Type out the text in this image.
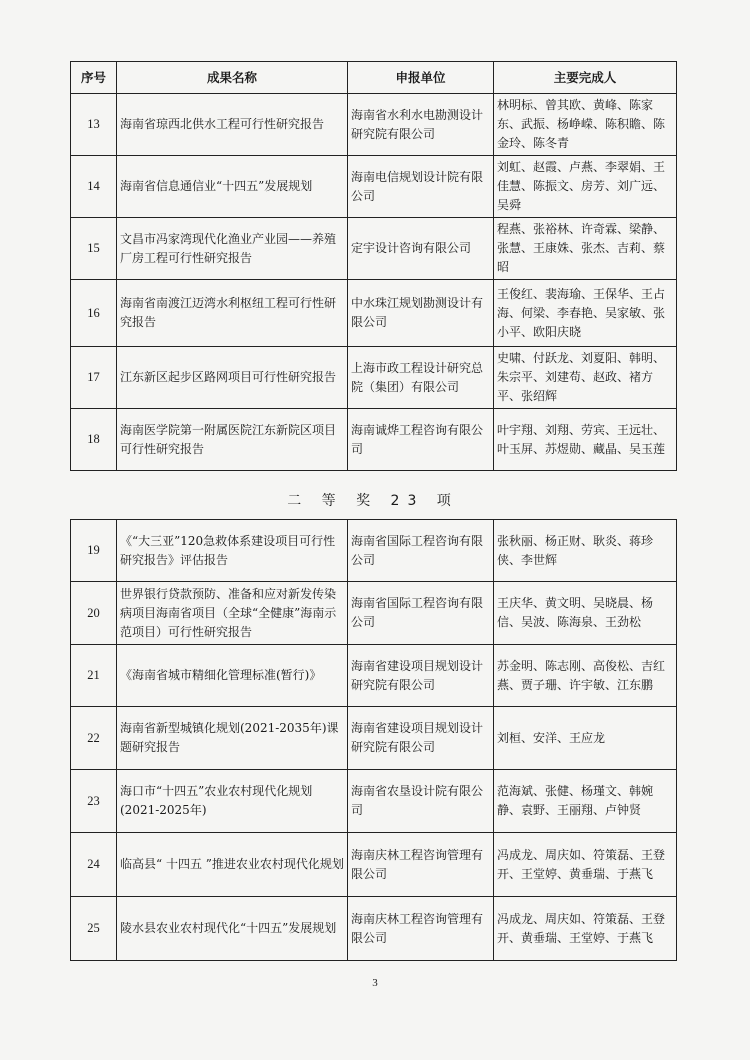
序号	成果名称	申报单位	主要完成人
13	海南省琼西北供水工程可行性研究报告	海南省水利水电勘测设计研究院有限公司	林明标、曾其欧、黄峰、陈家东、武振、杨峥嵘、陈积瞻、陈金玲、陈冬青
14	海南省信息通信业“十四五”发展规划	海南电信规划设计院有限公司	刘虹、赵霞、卢燕、李翠娟、王佳慧、陈振文、房芳、刘广远、吴舜
15	文昌市冯家湾现代化渔业产业园——养殖厂房工程可行性研究报告	定宇设计咨询有限公司	程燕、张裕林、许奇霖、梁静、张慧、王康姝、张杰、吉莉、蔡昭
16	海南省南渡江迈湾水利枢纽工程可行性研究报告	中水珠江规划勘测设计有限公司	王俊红、裴海瑜、王保华、王占海、何梁、李春艳、吴家敏、张小平、欧阳庆晓
17	江东新区起步区路网项目可行性研究报告	上海市政工程设计研究总院（集团）有限公司	史啸、付跃龙、刘夏阳、韩明、朱宗平、刘建苟、赵政、褚方平、张绍辉
18	海南医学院第一附属医院江东新院区项目可行性研究报告	海南诚烨工程咨询有限公司	叶宇翔、刘翔、劳宾、王远壮、叶玉屏、苏煜勋、藏晶、吴玉莲
二 等 奖 23 项
19	《“大三亚”120急救体系建设项目可行性研究报告》评估报告	海南省国际工程咨询有限公司	张秋丽、杨正财、耿炎、蒋珍侠、李世辉
20	世界银行贷款预防、准备和应对新发传染病项目海南省项目（全球“全健康”海南示范项目）可行性研究报告	海南省国际工程咨询有限公司	王庆华、黄文明、吴晓晨、杨信、吴波、陈海泉、王劲松
21	《海南省城市精细化管理标准(暂行)》	海南省建设项目规划设计研究院有限公司	苏金明、陈志刚、高俊松、吉红燕、贾子珊、许宇敏、江东鹏
22	海南省新型城镇化规划(2021-2035年)课题研究报告	海南省建设项目规划设计研究院有限公司	刘桓、安洋、王应龙
23	海口市“十四五”农业农村现代化规划(2021-2025年)	海南省农垦设计院有限公司	范海斌、张健、杨瑾文、韩婉静、袁野、王丽翔、卢钟贤
24	临高县“ 十四五 ”推进农业农村现代化规划	海南庆林工程咨询管理有限公司	冯成龙、周庆如、符策磊、王登开、王堂婷、黄垂瑞、于燕飞
25	陵水县农业农村现代化“十四五”发展规划	海南庆林工程咨询管理有限公司	冯成龙、周庆如、符策磊、王登开、黄垂瑞、王堂婷、于燕飞
3
